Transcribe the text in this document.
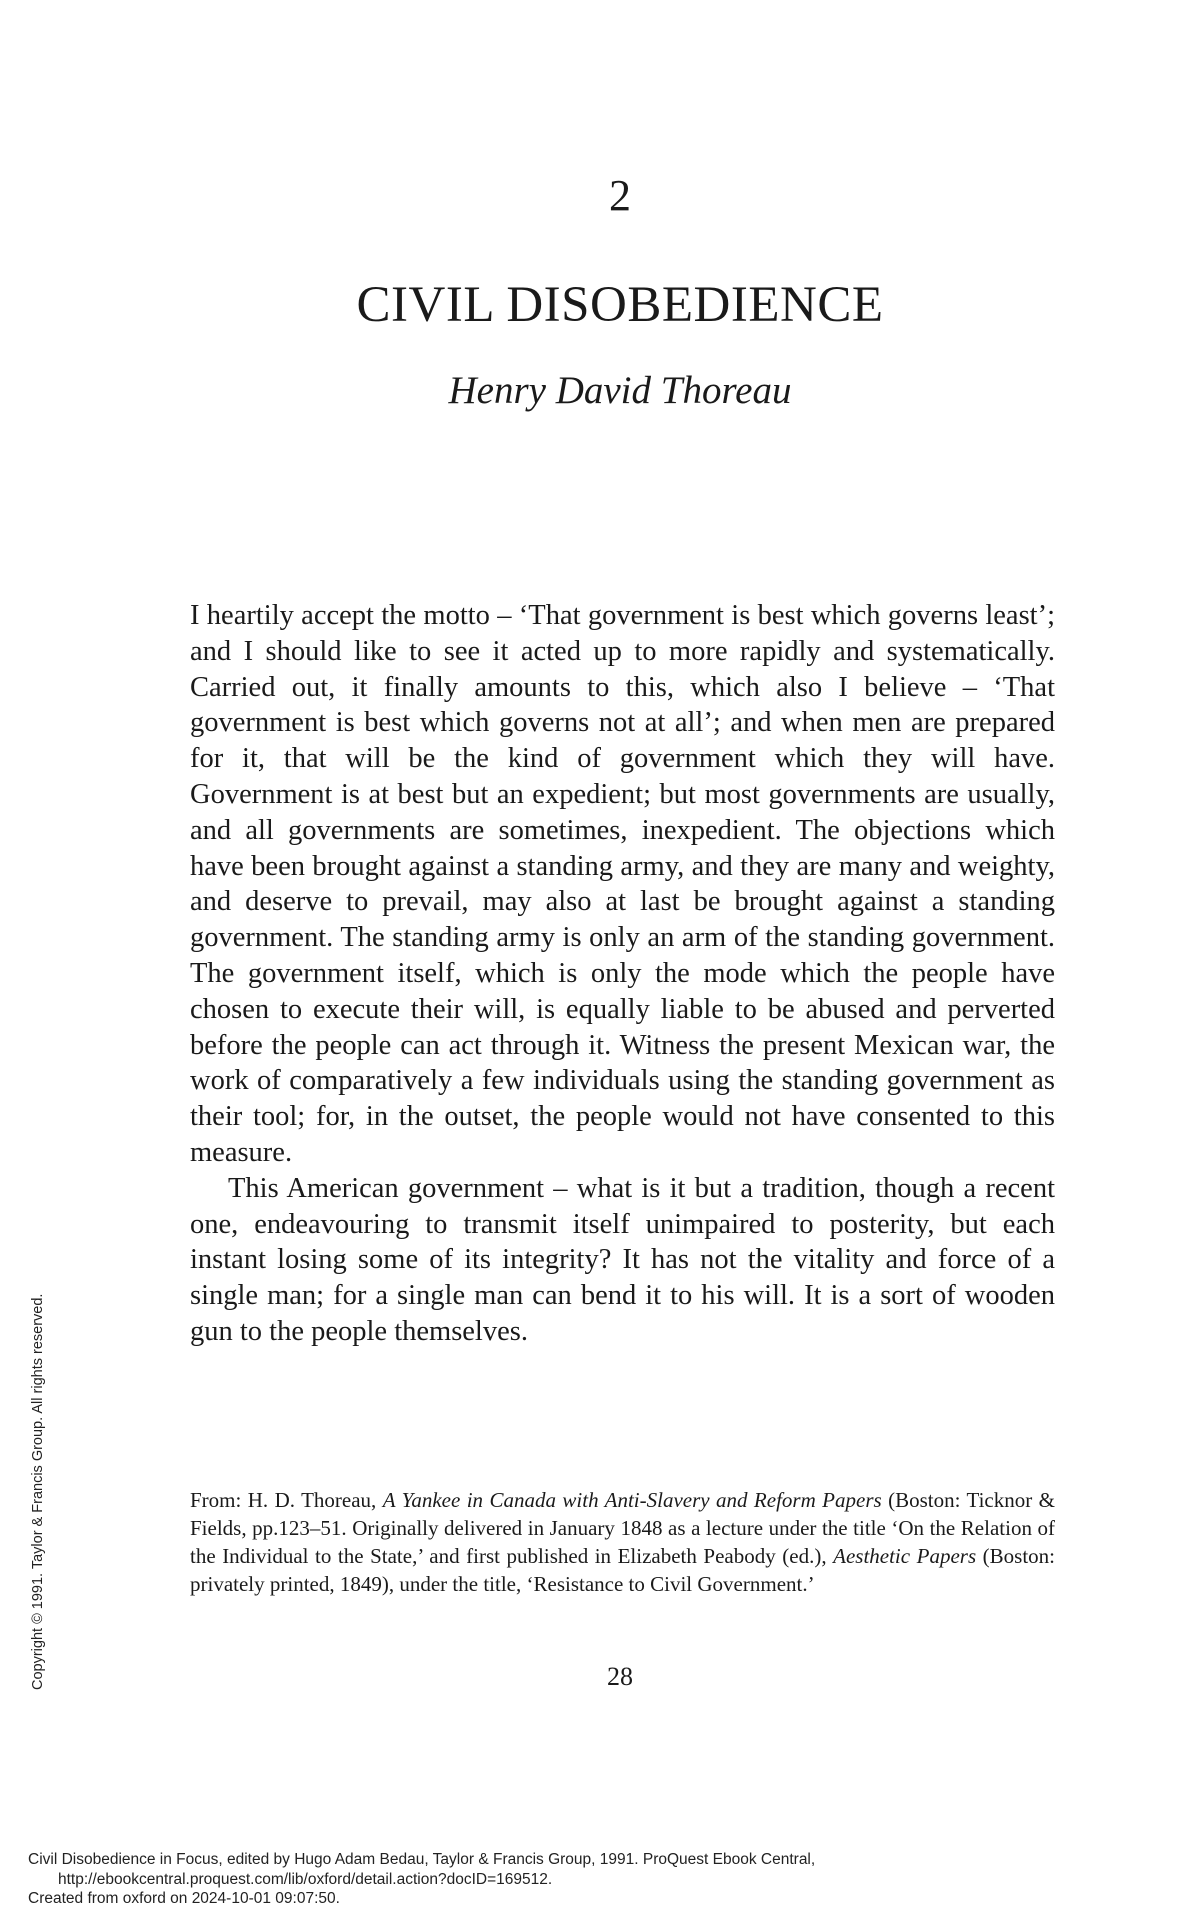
2
CIVIL DISOBEDIENCE
Henry David Thoreau

I heartily accept the motto – ‘That government is best which governs least’; and I should like to see it acted up to more rapidly and systematically. Carried out, it finally amounts to this, which also I believe – ‘That government is best which governs not at all’; and when men are prepared for it, that will be the kind of government which they will have. Government is at best but an expedient; but most governments are usually, and all governments are sometimes, inexpedient. The objections which have been brought against a standing army, and they are many and weighty, and deserve to prevail, may also at last be brought against a standing government. The standing army is only an arm of the standing government. The government itself, which is only the mode which the people have chosen to execute their will, is equally liable to be abused and perverted before the people can act through it. Witness the present Mexican war, the work of comparatively a few individuals using the standing government as their tool; for, in the outset, the people would not have consented to this measure.

This American government – what is it but a tradition, though a recent one, endeavouring to transmit itself unimpaired to posterity, but each instant losing some of its integrity? It has not the vitality and force of a single man; for a single man can bend it to his will. It is a sort of wooden gun to the people themselves.

From: H. D. Thoreau, A Yankee in Canada with Anti-Slavery and Reform Papers (Boston: Ticknor & Fields, pp.123–51. Originally delivered in January 1848 as a lecture under the title ‘On the Relation of the Individual to the State,’ and first published in Elizabeth Peabody (ed.), Aesthetic Papers (Boston: privately printed, 1849), under the title, ‘Resistance to Civil Government.’
28
Copyright © 1991. Taylor & Francis Group. All rights reserved.
Civil Disobedience in Focus, edited by Hugo Adam Bedau, Taylor & Francis Group, 1991. ProQuest Ebook Central,
http://ebookcentral.proquest.com/lib/oxford/detail.action?docID=169512.
Created from oxford on 2024-10-01 09:07:50.
